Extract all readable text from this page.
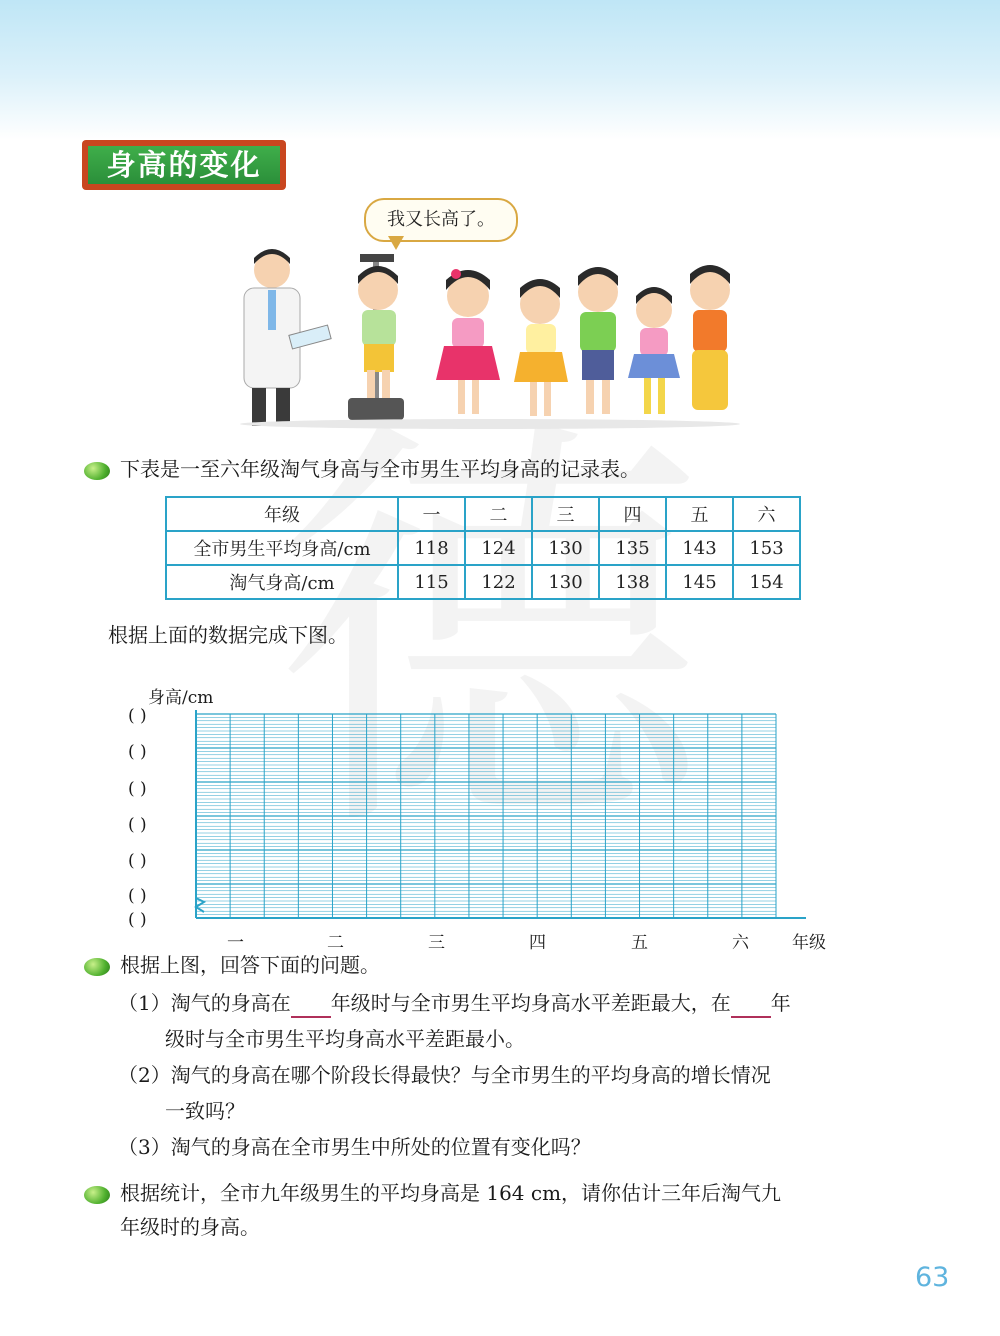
身高的变化
我又长高了。
下表是一至六年级淘气身高与全市男生平均身高的记录表。
年级	一	二	三	四	五	六
全市男生平均身高/cm	118	124	130	135	143	153
淘气身高/cm	115	122	130	138	145	154
根据上面的数据完成下图。
身高/cm
( )
( )
( )
( )
( )
( )
( )
一	二	三	四	五	六	年级
根据上图，回答下面的问题。
（1）淘气的身高在 年级时与全市男生平均身高水平差距最大，在 年
级时与全市男生平均身高水平差距最小。
（2）淘气的身高在哪个阶段长得最快？与全市男生的平均身高的增长情况
一致吗？
（3）淘气的身高在全市男生中所处的位置有变化吗？
根据统计，全市九年级男生的平均身高是 164 cm，请你估计三年后淘气九
年级时的身高。
63
